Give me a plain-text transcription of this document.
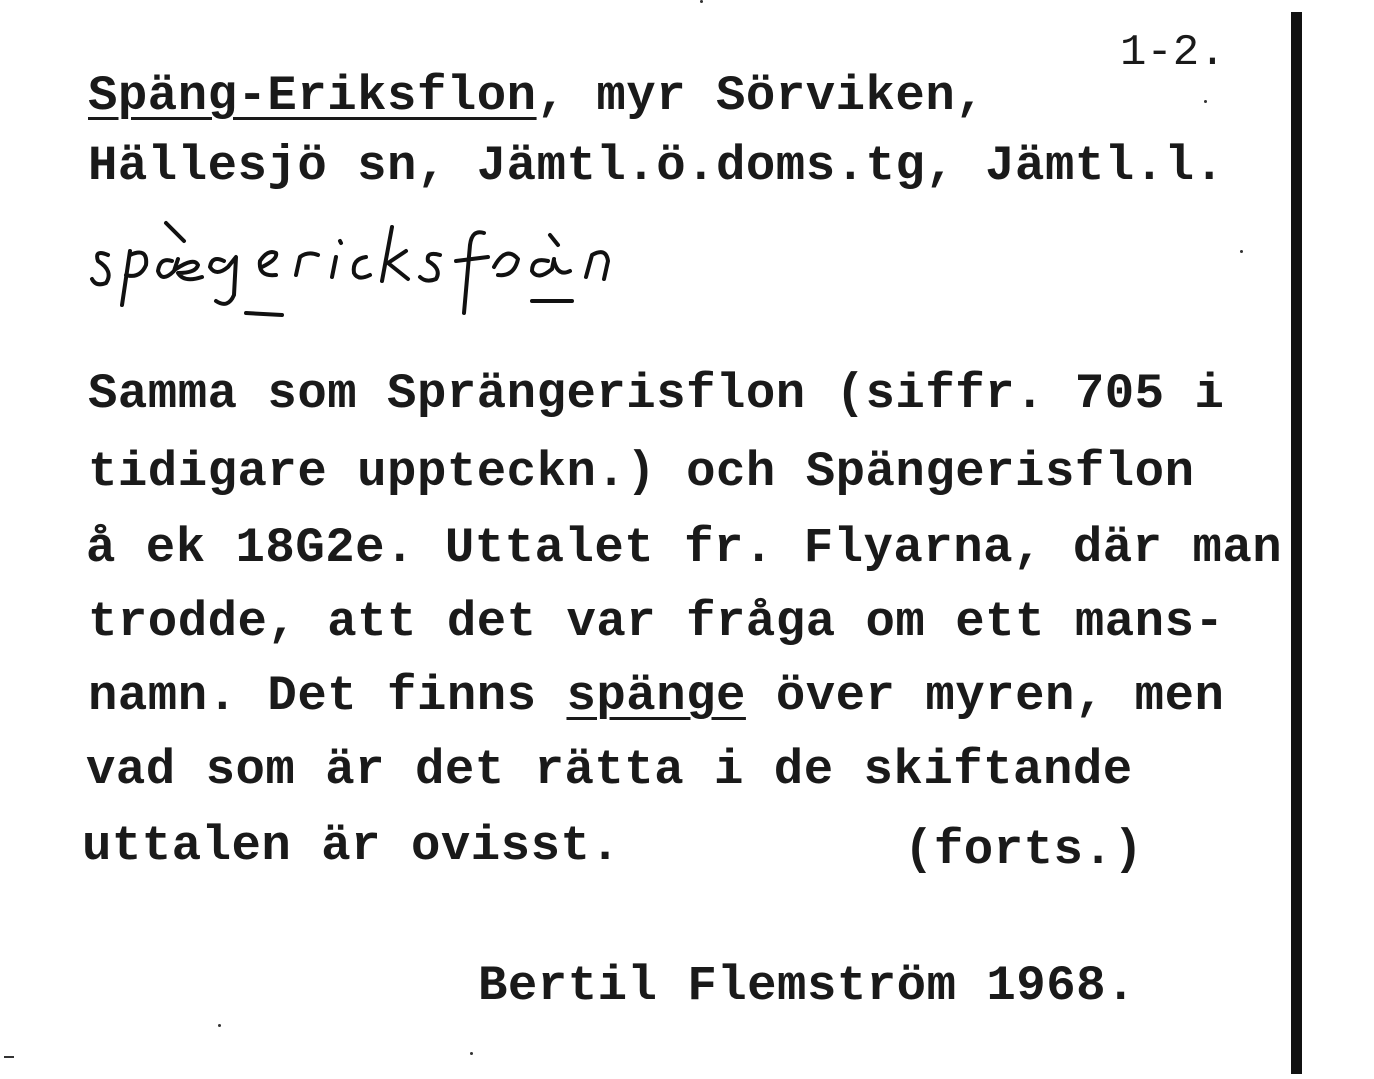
1-2.
Späng-Eriksflon, myr Sörviken,
Hällesjö sn, Jämtl.ö.doms.tg, Jämtl.l.
Samma som Sprängerisflon (siffr. 705 i
tidigare uppteckn.) och Spängerisflon
å ek 18G2e. Uttalet fr. Flyarna, där man
trodde, att det var fråga om ett mans-
namn. Det finns spänge över myren, men
vad som är det rätta i de skiftande
uttalen är ovisst.	(forts.)
Bertil Flemström 1968.
